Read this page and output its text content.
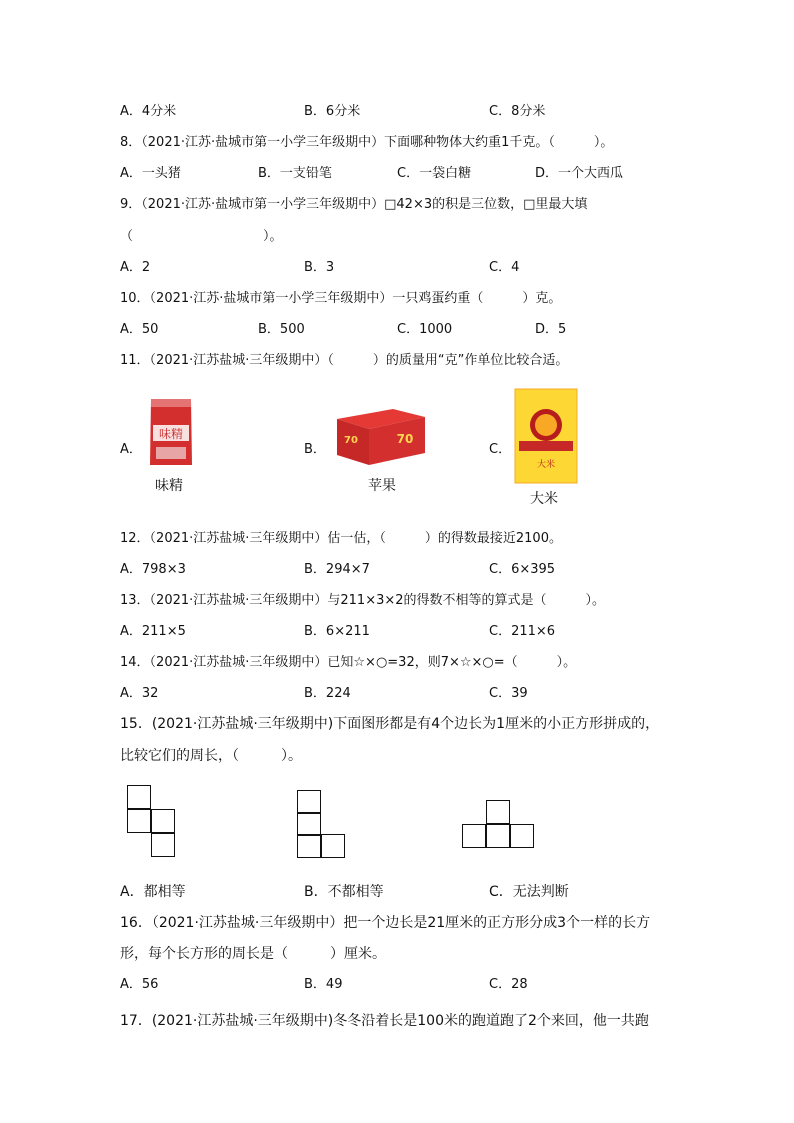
A．4分米	B．6分米	C．8分米
8．（2021·江苏·盐城市第一小学三年级期中）下面哪种物体大约重1千克。（　　　）。
A．一头猪	B．一支铅笔	C．一袋白糖	D．一个大西瓜
9．（2021·江苏·盐城市第一小学三年级期中）□42×3的积是三位数，□里最大填
（　　　　　　　　　　）。
A．2	B．3	C．4
10．（2021·江苏·盐城市第一小学三年级期中）一只鸡蛋约重（　　　）克。
A．50	B．500	C．1000	D．5
11．（2021·江苏盐城·三年级期中）（　　　）的质量用“克”作单位比较合适。
A．
味精
味精
B．
70	70
苹果
C．
大米
大米
12．（2021·江苏盐城·三年级期中）估一估，（　　　）的得数最接近2100。
A．798×3	B．294×7	C．6×395
13．（2021·江苏盐城·三年级期中）与211×3×2的得数不相等的算式是（　　　）。
A．211×5	B．6×211	C．211×6
14．（2021·江苏盐城·三年级期中）已知☆×○=32，则7×☆×○=（　　　）。
A．32	B．224	C．39
15．(2021·江苏盐城·三年级期中)下面图形都是有4个边长为1厘米的小正方形拼成的，
比较它们的周长，（　　　）。
A．都相等	B．不都相等	C．无法判断
16．（2021·江苏盐城·三年级期中）把一个边长是21厘米的正方形分成3个一样的长方
形，每个长方形的周长是（　　　）厘米。
A．56	B．49	C．28
17．(2021·江苏盐城·三年级期中)冬冬沿着长是100米的跑道跑了2个来回，他一共跑
